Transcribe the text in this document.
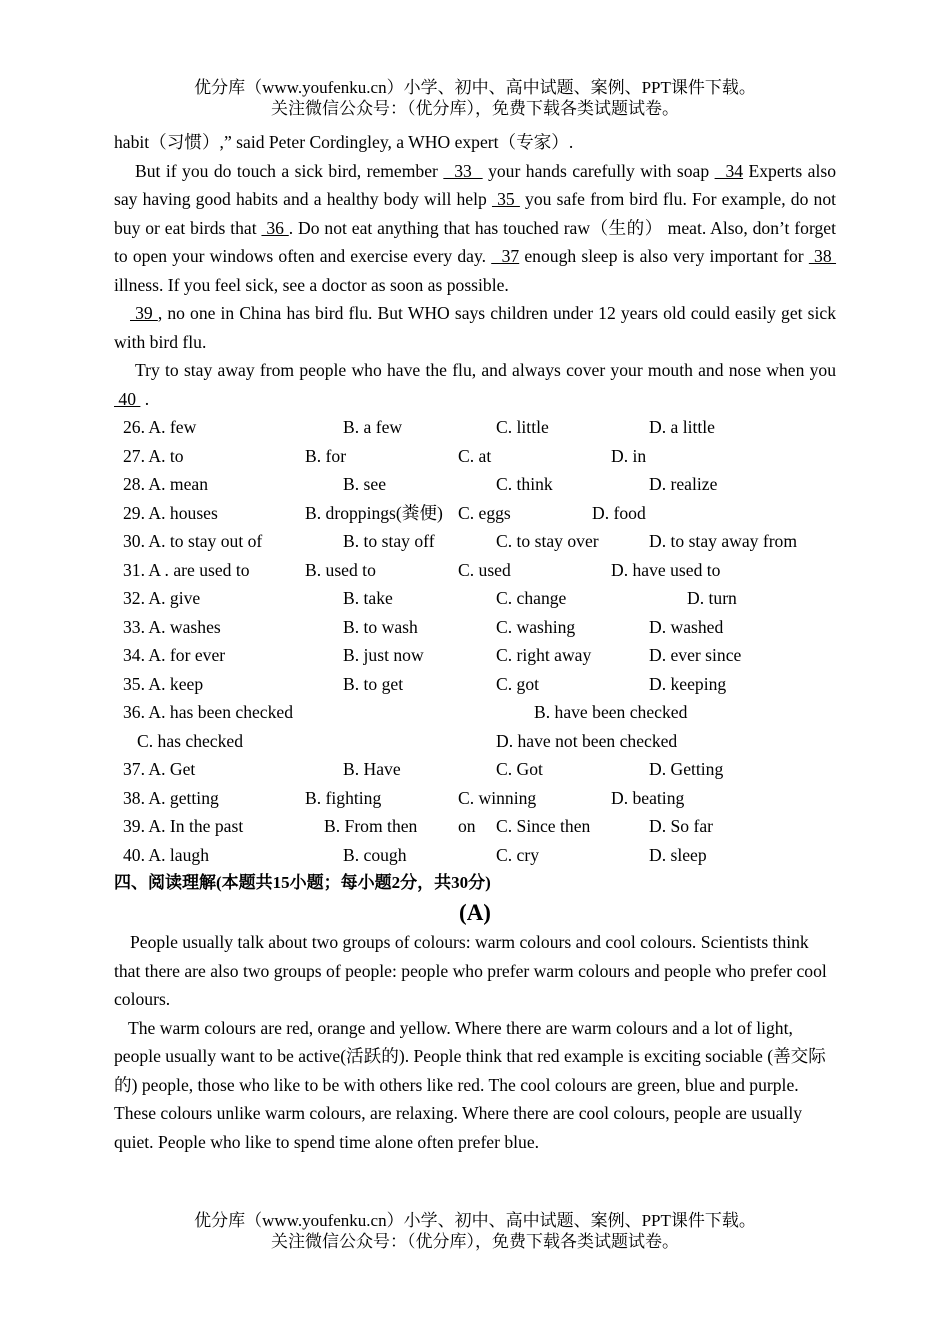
优分库（www.youfenku.cn）小学、初中、高中试题、案例、PPT课件下载。
关注微信公众号：（优分库），免费下载各类试题试卷。

habit（习惯）,” said Peter Cordingley, a WHO expert（专家）.

But if you do touch a sick bird, remember   33   your hands carefully with soap   34 Experts also say having good habits and a healthy body will help  35  you safe from bird flu. For example, do not buy or eat birds that  36 . Do not eat anything that has touched raw（生的） meat. Also, don’t forget to open your windows often and exercise every day.   37 enough sleep is also very important for  38  illness. If you feel sick, see a doctor as soon as possible.

39 , no one in China has bird flu. But WHO says children under 12 years old could easily get sick with bird flu.

Try to stay away from people who have the flu, and always cover your mouth and nose when you  40  .

26. A. few	B. a few	C. little	D. a little
27. A. to	B. for	C. at	D. in
28. A. mean	B. see	C. think	D. realize
29. A. houses	B. droppings(粪便) C. eggs	D. food
30. A. to stay out of	B. to stay off	C. to stay over	D. to stay away from
31. A . are used to	B. used to	C. used	D. have used to
32. A. give	B. take	C. change	D. turn
33. A. washes	B. to wash	C. washing	D. washed
34. A. for ever	B. just now	C. right away	D. ever since
35. A. keep	B. to get	C. got	D. keeping
36. A. has been checked	B. have been checked
C. has checked	D. have not been checked
37. A. Get	B. Have	C. Got	D. Getting
38. A. getting	B. fighting	C. winning	D. beating
39. A. In the past	B. From then on C. Since then	D. So far
40. A. laugh	B. cough	C. cry	D. sleep
四、阅读理解(本题共15小题；每小题2分，共30分)
(A)

People usually talk about two groups of colours: warm colours and cool colours. Scientists think that there are also two groups of people: people who prefer warm colours and people who prefer cool colours.

The warm colours are red, orange and yellow. Where there are warm colours and a lot of light, people usually want to be active(活跃的). People think that red example is exciting sociable (善交际的) people, those who like to be with others like red. The cool colours are green, blue and purple. These colours unlike warm colours, are relaxing. Where there are cool colours, people are usually quiet. People who like to spend time alone often prefer blue.

优分库（www.youfenku.cn）小学、初中、高中试题、案例、PPT课件下载。
关注微信公众号：（优分库），免费下载各类试题试卷。
